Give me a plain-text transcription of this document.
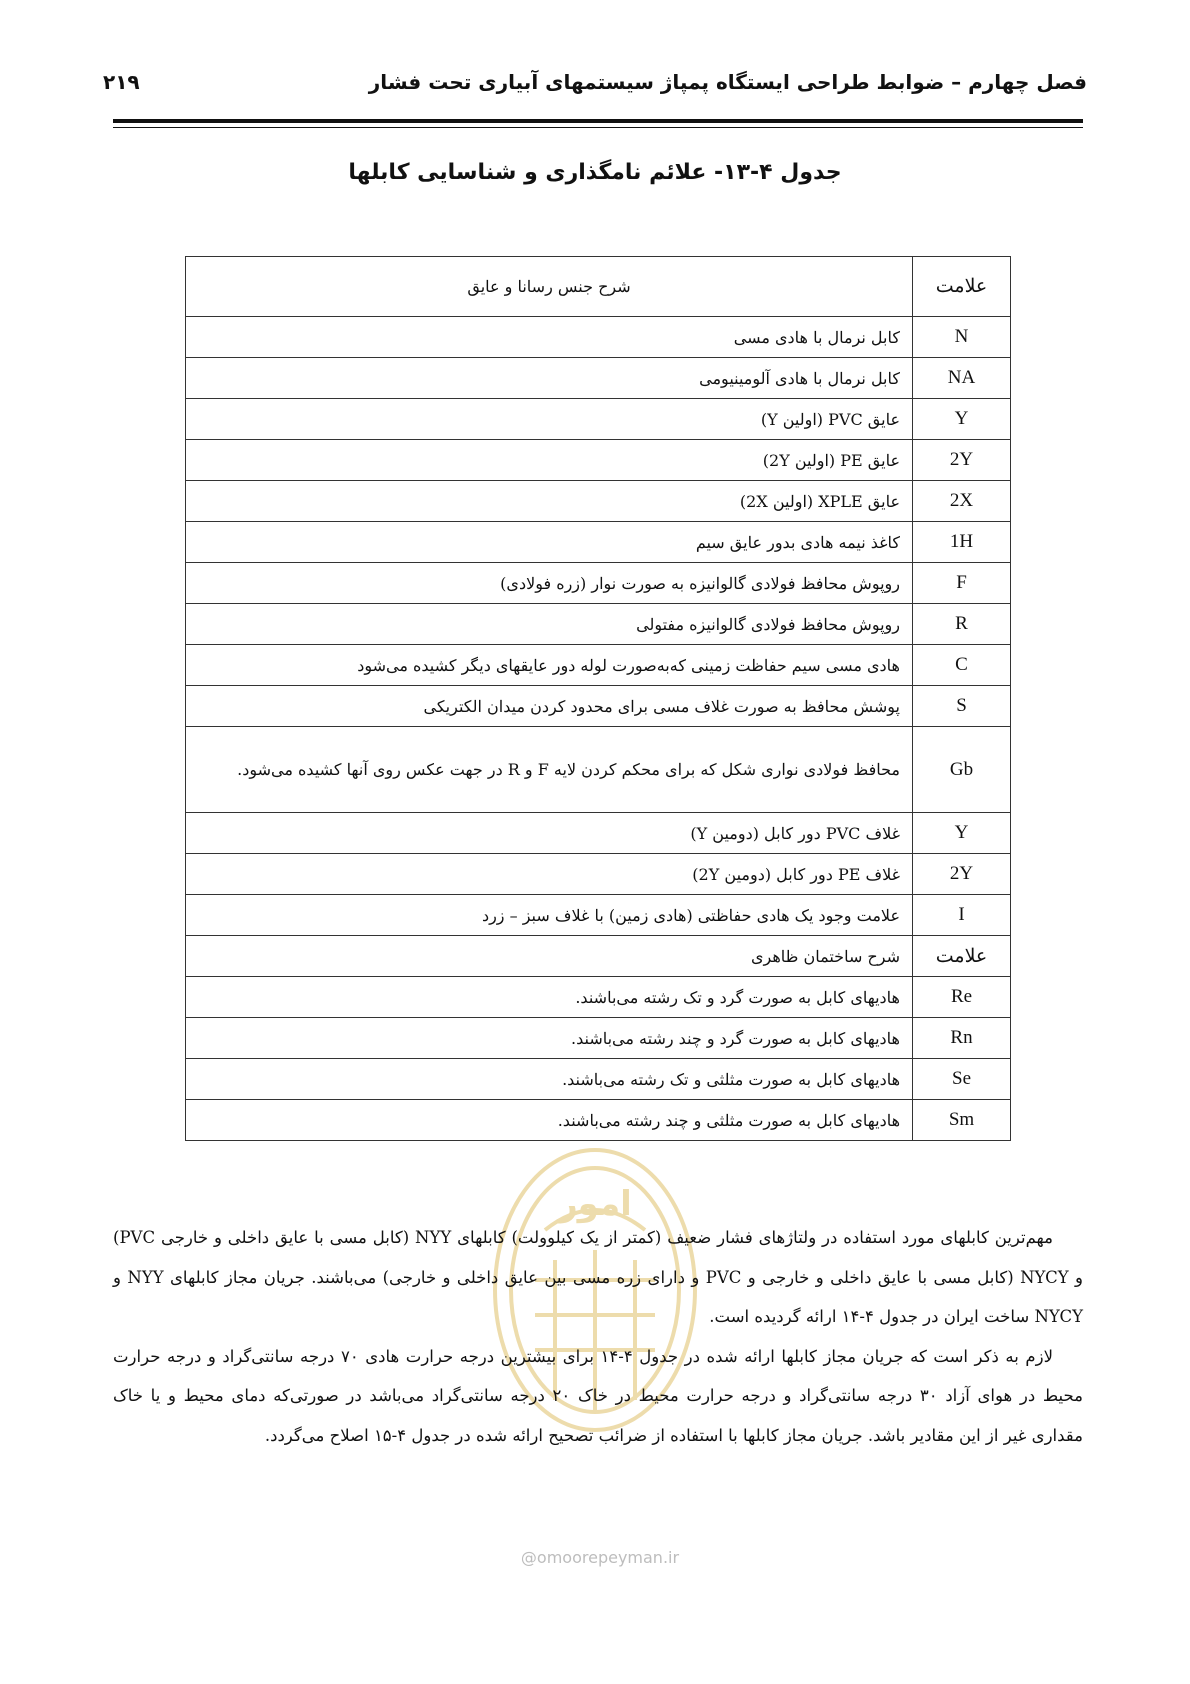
فصل چهارم – ضوابط طراحی ایستگاه پمپاژ سیستمهای آبیاری تحت فشار
۲۱۹
جدول ۴-۱۳- علائم نامگذاری و شناسایی کابلها
علامت	شرح جنس رسانا و عایق
N	کابل نرمال با هادی مسی
NA	کابل نرمال با هادی آلومینیومی
Y	عایق PVC (اولین Y)
2Y	عایق PE (اولین 2Y)
2X	عایق XPLE (اولین 2X)
1H	کاغذ نیمه هادی بدور عایق سیم
F	روپوش محافظ فولادی گالوانیزه به صورت نوار (زره فولادی)
R	روپوش محافظ فولادی گالوانیزه مفتولی
C	هادی مسی سیم حفاظت زمینی که‌به‌صورت لوله دور عایقهای دیگر کشیده می‌شود
S	پوشش محافظ به صورت غلاف مسی برای محدود کردن میدان الکتریکی
Gb	محافظ فولادی نواری شکل که برای محکم کردن لایه F و R در جهت عکس روی آنها کشیده می‌شود.
Y	غلاف PVC دور کابل (دومین Y)
2Y	غلاف PE دور کابل (دومین 2Y)
I	علامت وجود یک هادی حفاظتی (هادی زمین) با غلاف سبز – زرد
علامت	شرح ساختمان ظاهری
Re	هادیهای کابل به صورت گرد و تک رشته می‌باشند.
Rn	هادیهای کابل به صورت گرد و چند رشته می‌باشند.
Se	هادیهای کابل به صورت مثلثی و تک رشته می‌باشند.
Sm	هادیهای کابل به صورت مثلثی و چند رشته می‌باشند.
امور
@omoorepeyman.ir

مهم‌ترین کابلهای مورد استفاده در ولتاژهای فشار ضعیف (کمتر از یک کیلوولت) کابلهای NYY (کابل مسی با عایق داخلی و خارجی PVC) و NYCY (کابل مسی با عایق داخلی و خارجی و PVC و دارای زره مسی بین عایق داخلی و خارجی) می‌باشند. جریان مجاز کابلهای NYY و NYCY ساخت ایران در جدول ۴-۱۴ ارائه گردیده است.

لازم به ذکر است که جریان مجاز کابلها ارائه شده در جدول ۴-۱۴ برای بیشترین درجه حرارت هادی ۷۰ درجه سانتی‌گراد و درجه حرارت محیط در هوای آزاد ۳۰ درجه سانتی‌گراد و درجه حرارت محیط در خاک ۲۰ درجه سانتی‌گراد می‌باشد در صورتی‌که دمای محیط و یا خاک مقداری غیر از این مقادیر باشد. جریان مجاز کابلها با استفاده از ضرائب تصحیح ارائه شده در جدول ۴-۱۵ اصلاح می‌گردد.
